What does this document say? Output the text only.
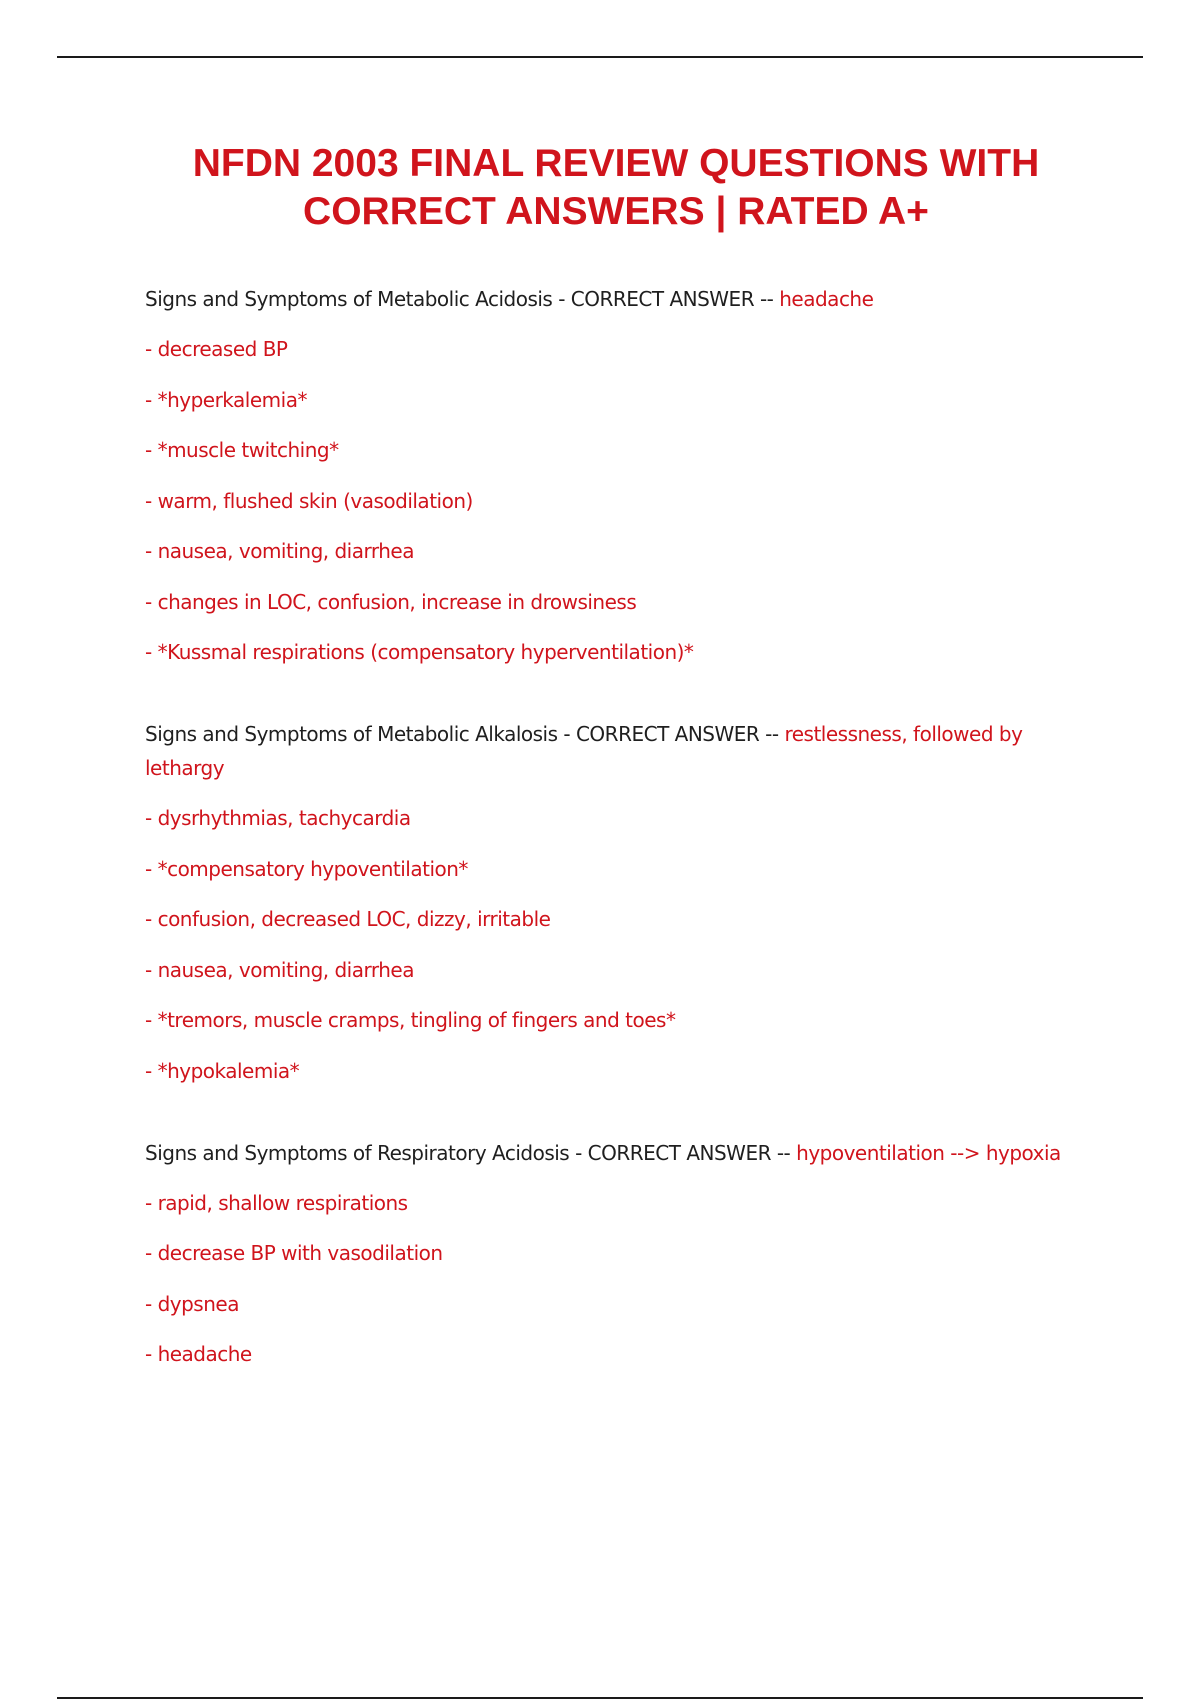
NFDN 2003 FINAL REVIEW QUESTIONS WITH
CORRECT ANSWERS | RATED A+

Signs and Symptoms of Metabolic Acidosis - CORRECT ANSWER -- headache

- decreased BP

- *hyperkalemia*

- *muscle twitching*

- warm, flushed skin (vasodilation)

- nausea, vomiting, diarrhea

- changes in LOC, confusion, increase in drowsiness

- *Kussmal respirations (compensatory hyperventilation)*

Signs and Symptoms of Metabolic Alkalosis - CORRECT ANSWER -- restlessness, followed by lethargy

- dysrhythmias, tachycardia

- *compensatory hypoventilation*

- confusion, decreased LOC, dizzy, irritable

- nausea, vomiting, diarrhea

- *tremors, muscle cramps, tingling of fingers and toes*

- *hypokalemia*

Signs and Symptoms of Respiratory Acidosis - CORRECT ANSWER -- hypoventilation --> hypoxia

- rapid, shallow respirations

- decrease BP with vasodilation

- dypsnea

- headache
